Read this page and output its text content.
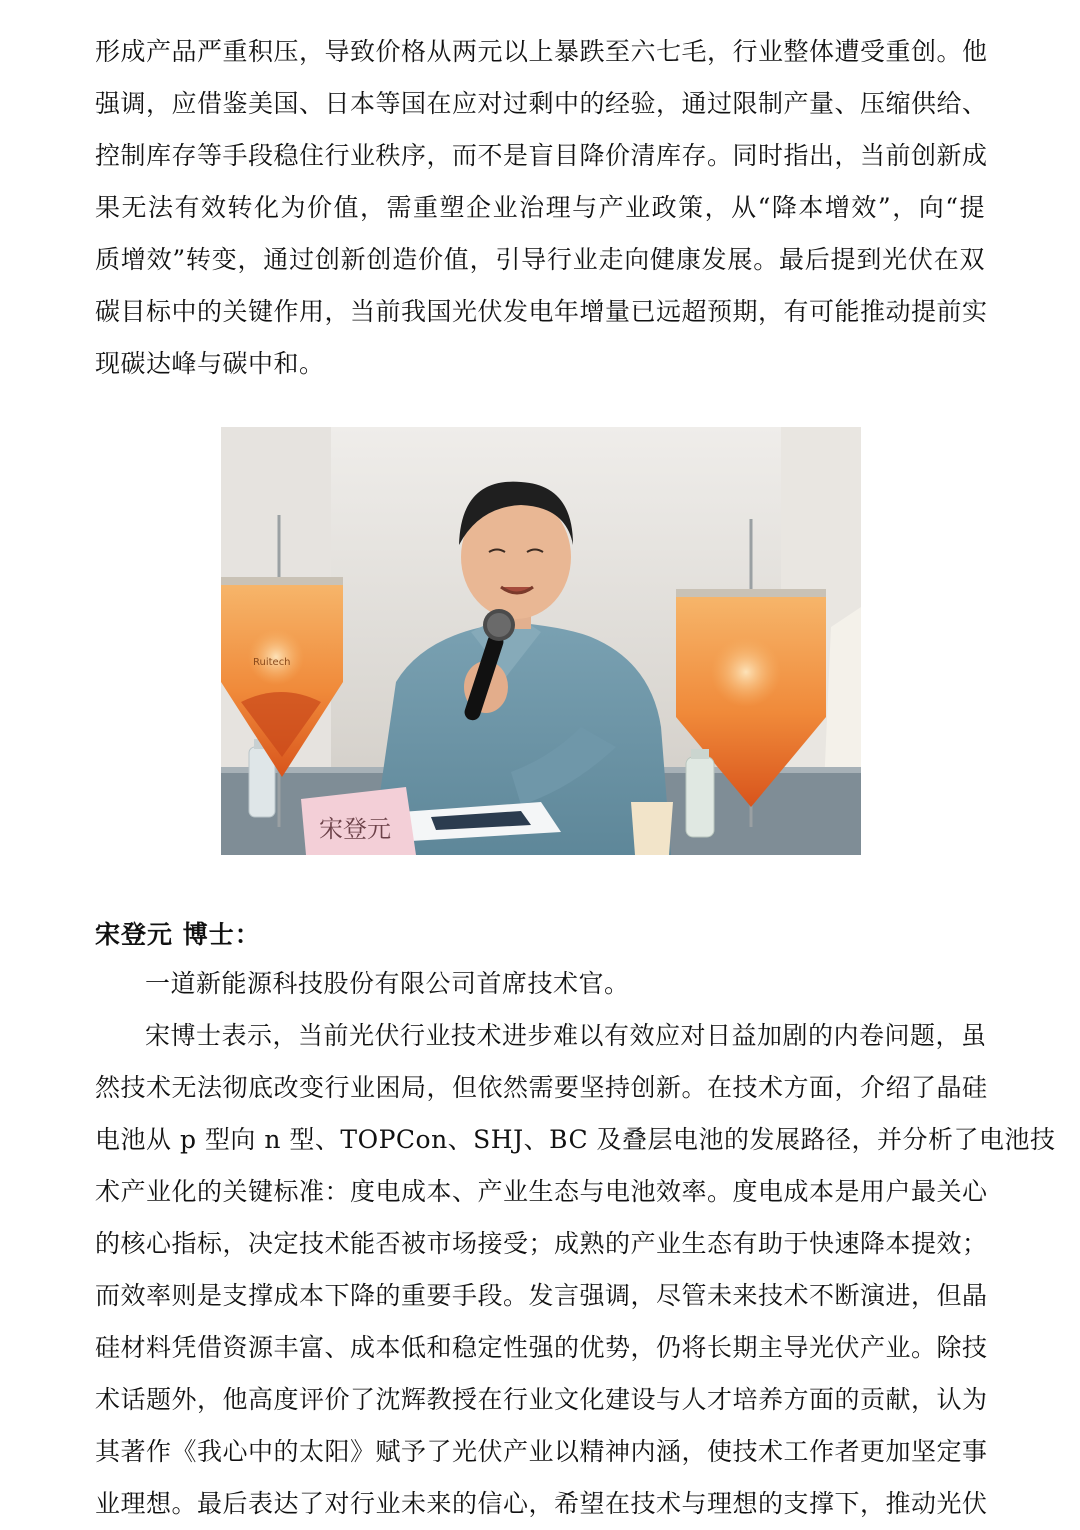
形成产品严重积压，导致价格从两元以上暴跌至六七毛，行业整体遭受重创。他
强调，应借鉴美国、日本等国在应对过剩中的经验，通过限制产量、压缩供给、
控制库存等手段稳住行业秩序，而不是盲目降价清库存。同时指出，当前创新成
果无法有效转化为价值，需重塑企业治理与产业政策，从“降本增效”，向“提
质增效”转变，通过创新创造价值，引导行业走向健康发展。最后提到光伏在双
碳目标中的关键作用，当前我国光伏发电年增量已远超预期，有可能推动提前实
现碳达峰与碳中和。
Ruitech
宋登元
宋登元 博士：
一道新能源科技股份有限公司首席技术官。
宋博士表示，当前光伏行业技术进步难以有效应对日益加剧的内卷问题，虽
然技术无法彻底改变行业困局，但依然需要坚持创新。在技术方面，介绍了晶硅
电池从 p 型向 n 型、TOPCon、SHJ、BC 及叠层电池的发展路径，并分析了电池技
术产业化的关键标准：度电成本、产业生态与电池效率。度电成本是用户最关心
的核心指标，决定技术能否被市场接受；成熟的产业生态有助于快速降本提效；
而效率则是支撑成本下降的重要手段。发言强调，尽管未来技术不断演进，但晶
硅材料凭借资源丰富、成本低和稳定性强的优势，仍将长期主导光伏产业。除技
术话题外，他高度评价了沈辉教授在行业文化建设与人才培养方面的贡献，认为
其著作《我心中的太阳》赋予了光伏产业以精神内涵，使技术工作者更加坚定事
业理想。最后表达了对行业未来的信心，希望在技术与理想的支撑下，推动光伏
